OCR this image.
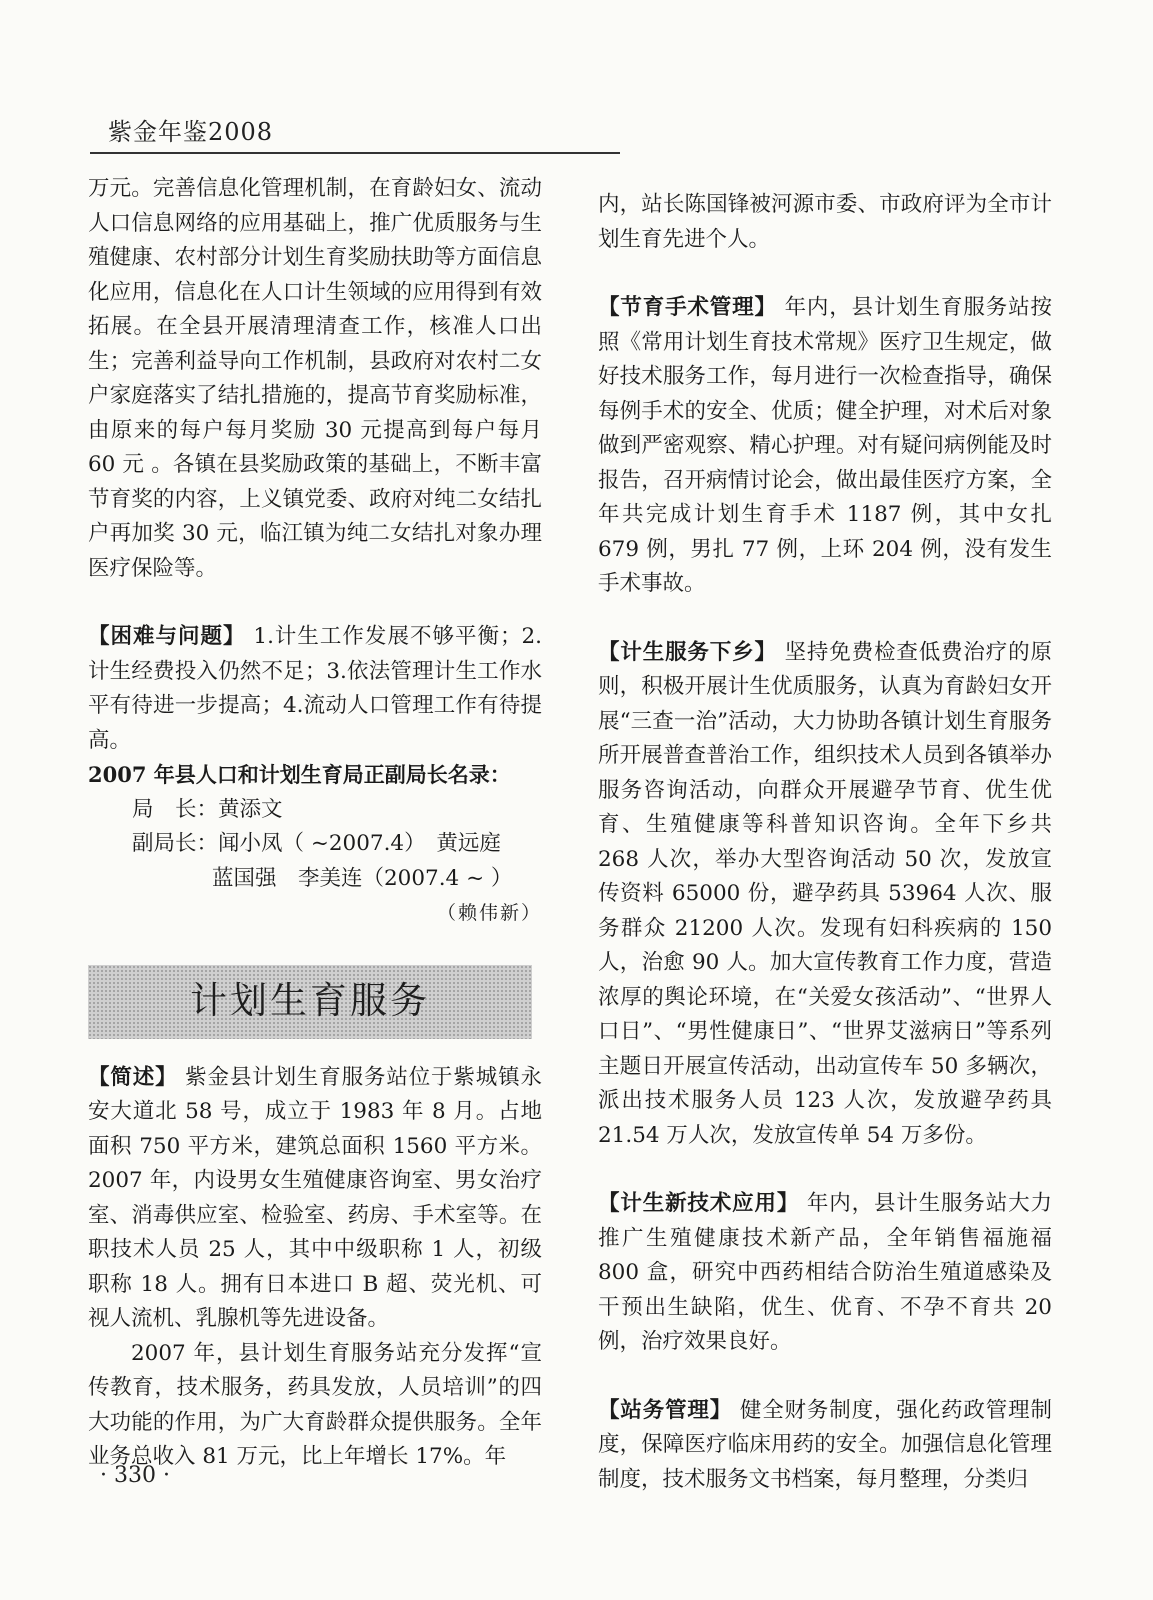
紫金年鉴2008

万元。完善信息化管理机制，在育龄妇女、流动人口信息网络的应用基础上，推广优质服务与生殖健康、农村部分计划生育奖励扶助等方面信息化应用，信息化在人口计生领域的应用得到有效拓展。在全县开展清理清查工作，核准人口出生；完善利益导向工作机制，县政府对农村二女户家庭落实了结扎措施的，提高节育奖励标准，由原来的每户每月奖励 30 元提高到每户每月 60 元 。各镇在县奖励政策的基础上，不断丰富节育奖的内容，上义镇党委、政府对纯二女结扎户再加奖 30 元，临江镇为纯二女结扎对象办理医疗保险等。

【困难与问题】 1.计生工作发展不够平衡；2.计生经费投入仍然不足；3.依法管理计生工作水平有待进一步提高；4.流动人口管理工作有待提高。

2007 年县人口和计划生育局正副局长名录：
局　长：黄添文
副局长：闻小凤（ ~2007.4）　黄远庭
蓝国强　李美连（2007.4 ~ ）
（赖伟新）
计划生育服务

【简述】 紫金县计划生育服务站位于紫城镇永安大道北 58 号，成立于 1983 年 8 月。占地面积 750 平方米，建筑总面积 1560 平方米。2007 年，内设男女生殖健康咨询室、男女治疗室、消毒供应室、检验室、药房、手术室等。在职技术人员 25 人，其中中级职称 1 人，初级职称 18 人。拥有日本进口 B 超、荧光机、可视人流机、乳腺机等先进设备。

2007 年，县计划生育服务站充分发挥“宣传教育，技术服务，药具发放，人员培训”的四大功能的作用，为广大育龄群众提供服务。全年业务总收入 81 万元，比上年增长 17%。年

内，站长陈国锋被河源市委、市政府评为全市计划生育先进个人。

【节育手术管理】 年内，县计划生育服务站按照《常用计划生育技术常规》医疗卫生规定，做好技术服务工作，每月进行一次检查指导，确保每例手术的安全、优质；健全护理，对术后对象做到严密观察、精心护理。对有疑问病例能及时报告，召开病情讨论会，做出最佳医疗方案，全年共完成计划生育手术 1187 例，其中女扎 679 例，男扎 77 例，上环 204 例，没有发生手术事故。

【计生服务下乡】 坚持免费检查低费治疗的原则，积极开展计生优质服务，认真为育龄妇女开展“三查一治”活动，大力协助各镇计划生育服务所开展普查普治工作，组织技术人员到各镇举办服务咨询活动，向群众开展避孕节育、优生优育、生殖健康等科普知识咨询。全年下乡共 268 人次，举办大型咨询活动 50 次，发放宣传资料 65000 份，避孕药具 53964 人次、服务群众 21200 人次。发现有妇科疾病的 150 人，治愈 90 人。加大宣传教育工作力度，营造浓厚的舆论环境，在“关爱女孩活动”、“世界人口日”、“男性健康日”、“世界艾滋病日”等系列主题日开展宣传活动，出动宣传车 50 多辆次，派出技术服务人员 123 人次，发放避孕药具 21.54 万人次，发放宣传单 54 万多份。

【计生新技术应用】 年内，县计生服务站大力推广生殖健康技术新产品，全年销售福施福 800 盒，研究中西药相结合防治生殖道感染及干预出生缺陷，优生、优育、不孕不育共 20 例，治疗效果良好。

【站务管理】 健全财务制度，强化药政管理制度，保障医疗临床用药的安全。加强信息化管理制度，技术服务文书档案，每月整理，分类归

· 330 ·
